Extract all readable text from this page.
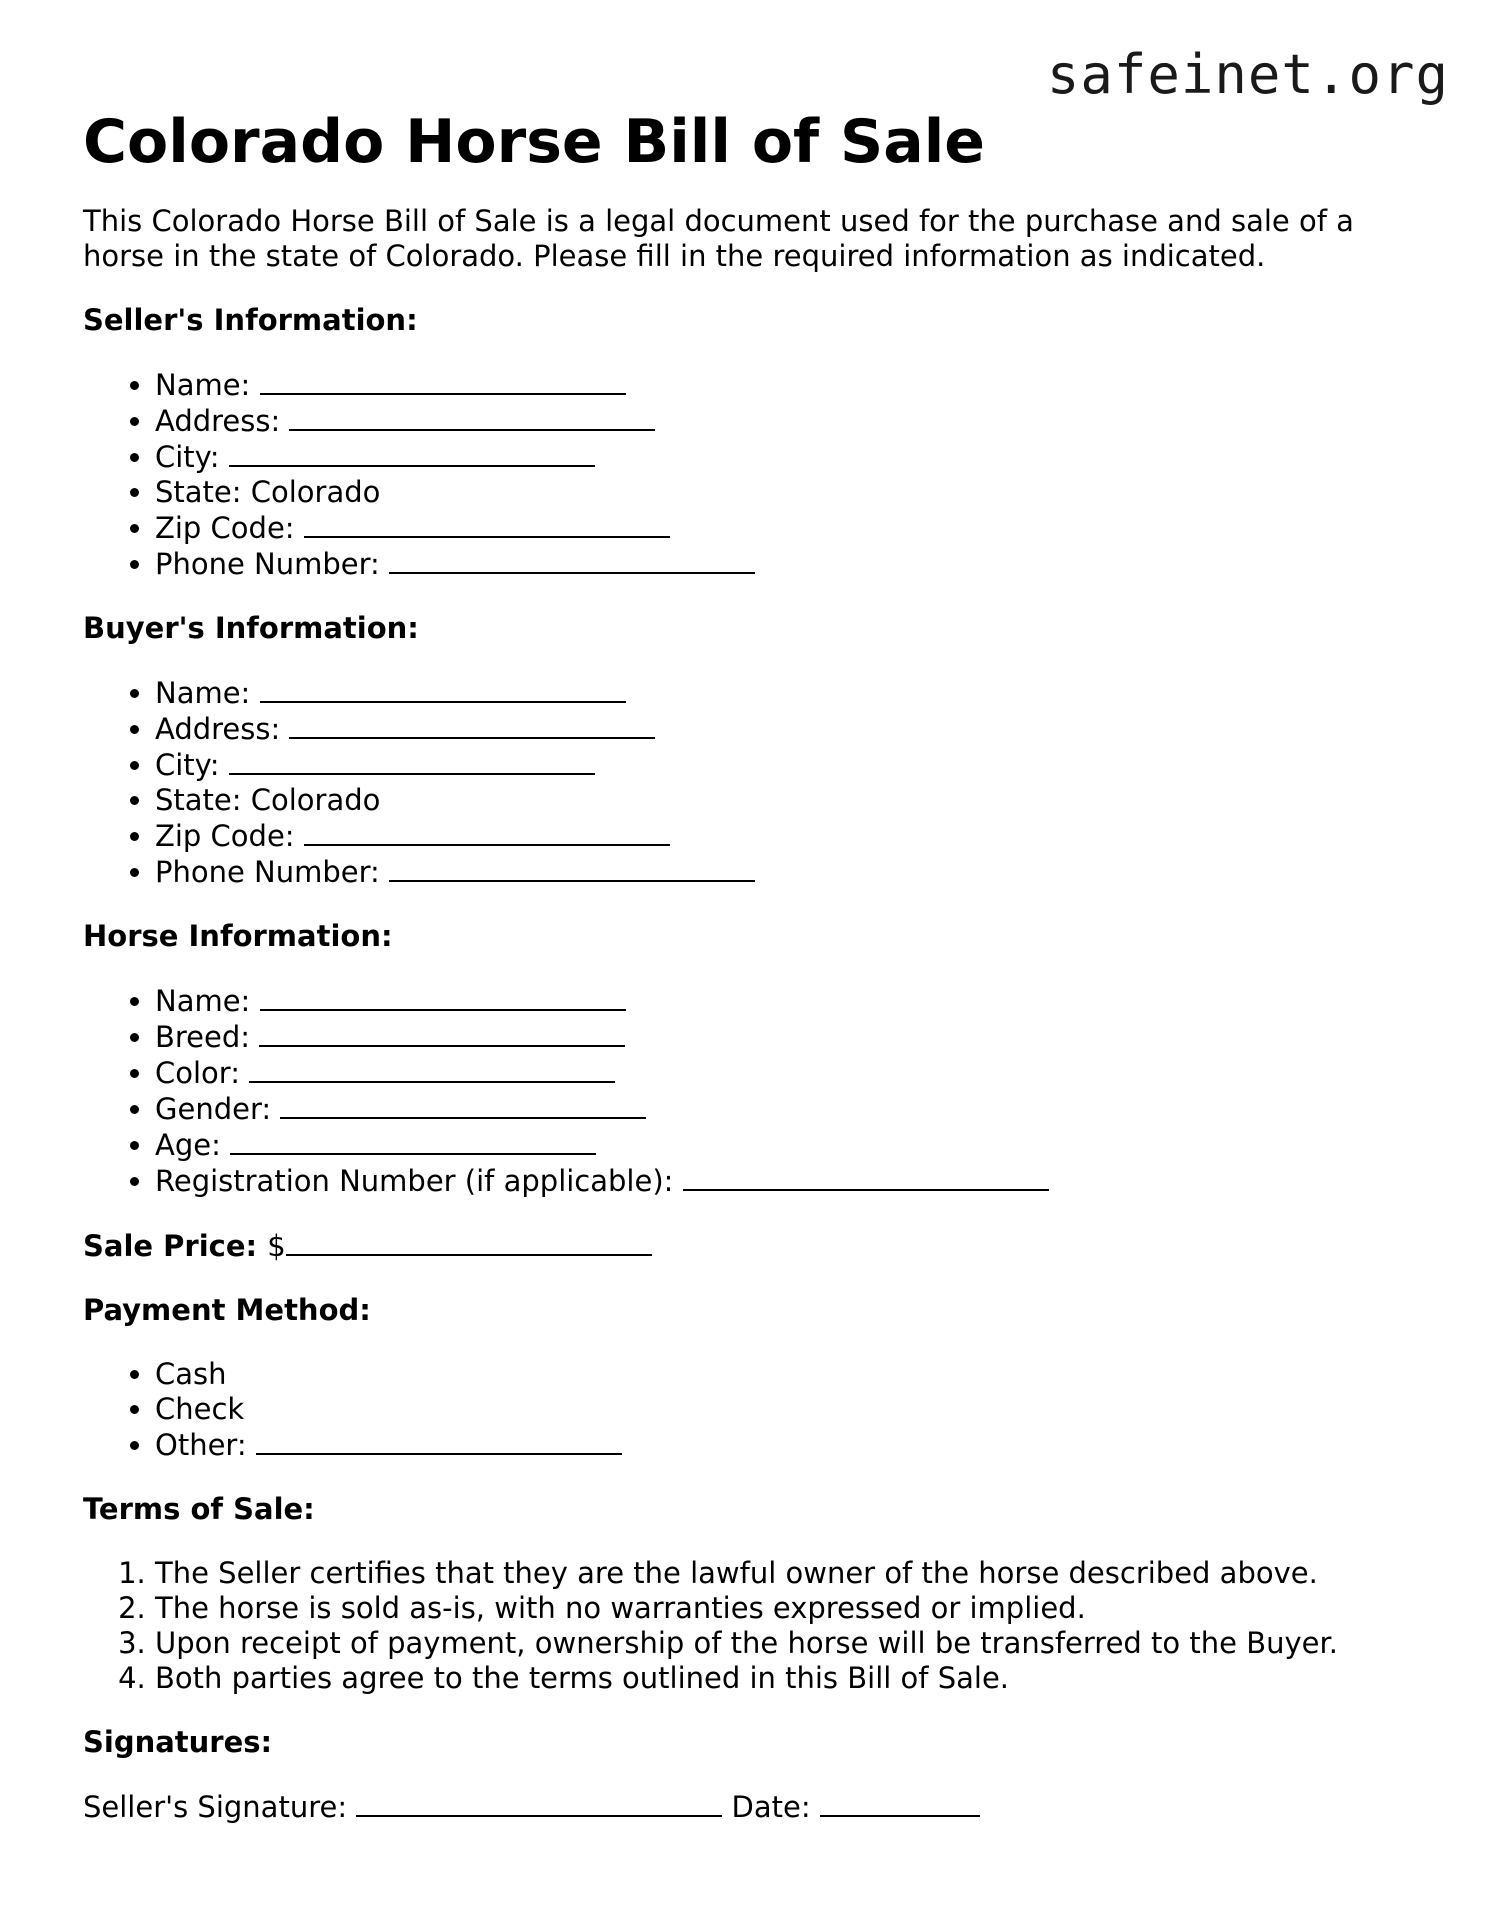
safeinet.org
Colorado Horse Bill of Sale

This Colorado Horse Bill of Sale is a legal document used for the purchase and sale of a horse in the state of Colorado. Please fill in the required information as indicated.

Seller's Information:
• Name:
• Address:
• City:
• State: Colorado
• Zip Code:
• Phone Number:
Buyer's Information:
• Name:
• Address:
• City:
• State: Colorado
• Zip Code:
• Phone Number:
Horse Information:
• Name:
• Breed:
• Color:
• Gender:
• Age:
• Registration Number (if applicable):
Sale Price: $
Payment Method:
• Cash
• Check
• Other:
Terms of Sale:
1. The Seller certifies that they are the lawful owner of the horse described above.
2. The horse is sold as-is, with no warranties expressed or implied.
3. Upon receipt of payment, ownership of the horse will be transferred to the Buyer.
4. Both parties agree to the terms outlined in this Bill of Sale.
Signatures:
Seller's Signature:	Date:
